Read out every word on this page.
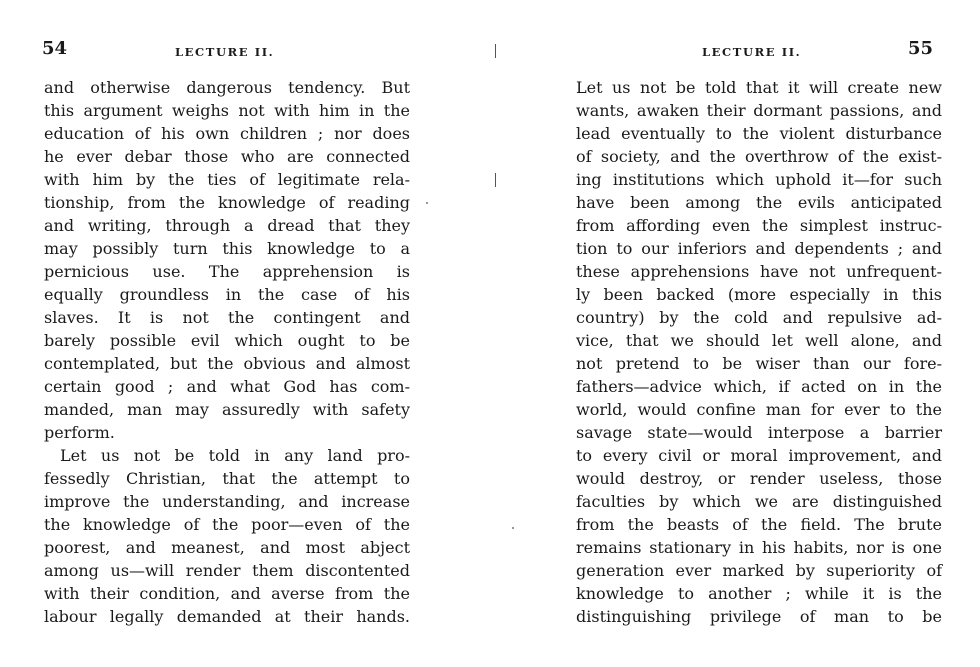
54	LECTURE II.
and otherwise dangerous tendency. But
this argument weighs not with him in the
education of his own children ; nor does
he ever debar those who are connected
with him by the ties of legitimate rela-
tionship, from the knowledge of reading
and writing, through a dread that they
may possibly turn this knowledge to a
pernicious use. The apprehension is
equally groundless in the case of his
slaves. It is not the contingent and
barely possible evil which ought to be
contemplated, but the obvious and almost
certain good ; and what God has com-
manded, man may assuredly with safety
perform.
Let us not be told in any land pro-
fessedly Christian, that the attempt to
improve the understanding, and increase
the knowledge of the poor—even of the
poorest, and meanest, and most abject
among us—will render them discontented
with their condition, and averse from the
labour legally demanded at their hands.
LECTURE II.	55
Let us not be told that it will create new
wants, awaken their dormant passions, and
lead eventually to the violent disturbance
of society, and the overthrow of the exist-
ing institutions which uphold it—for such
have been among the evils anticipated
from affording even the simplest instruc-
tion to our inferiors and dependents ; and
these apprehensions have not unfrequent-
ly been backed (more especially in this
country) by the cold and repulsive ad-
vice, that we should let well alone, and
not pretend to be wiser than our fore-
fathers—advice which, if acted on in the
world, would confine man for ever to the
savage state—would interpose a barrier
to every civil or moral improvement, and
would destroy, or render useless, those
faculties by which we are distinguished
from the beasts of the field. The brute
remains stationary in his habits, nor is one
generation ever marked by superiority of
knowledge to another ; while it is the
distinguishing privilege of man to be
